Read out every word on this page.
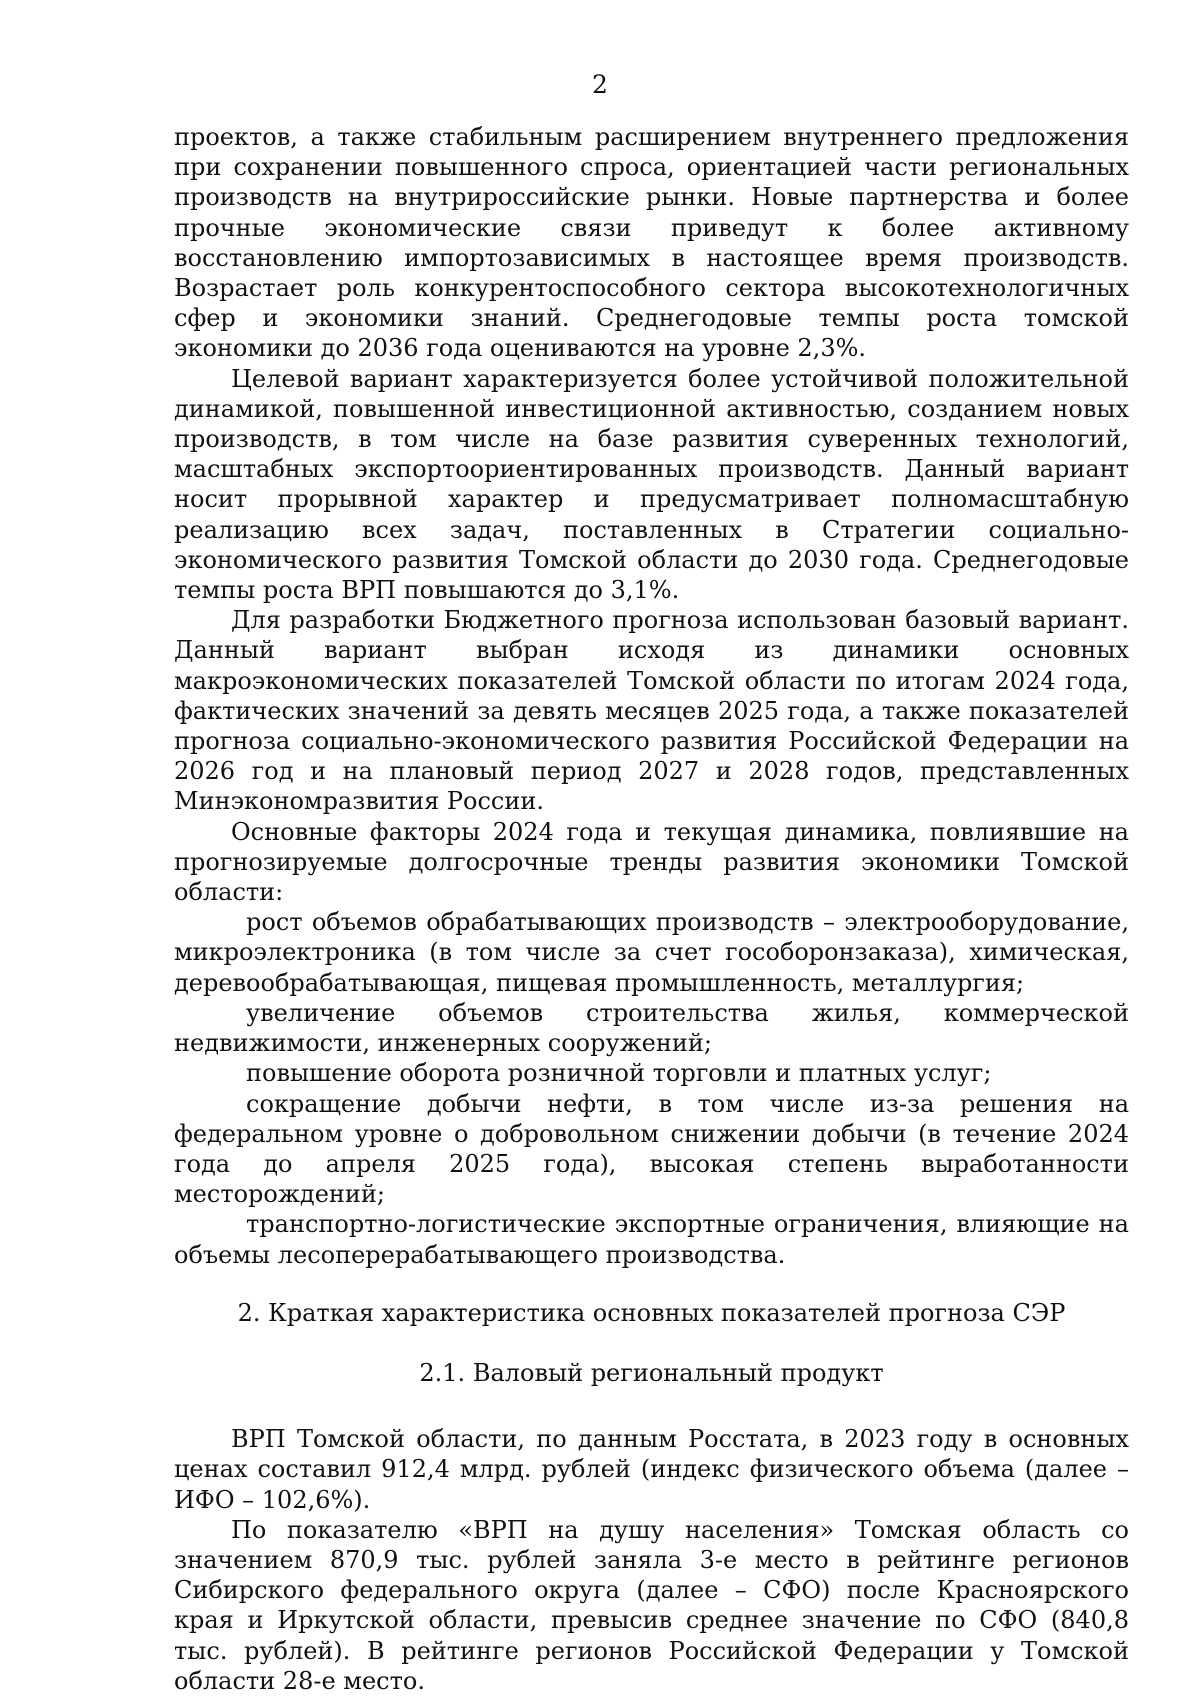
2

проектов, а также стабильным расширением внутреннего предложения при сохранении повышенного спроса, ориентацией части региональных производств на внутрироссийские рынки. Новые партнерства и более прочные экономические связи приведут к более активному восстановлению импортозависимых в настоящее время производств. Возрастает роль конкурентоспособного сектора высокотехнологичных сфер и экономики знаний. Среднегодовые темпы роста томской экономики до 2036 года оцениваются на уровне 2,3%.

Целевой вариант характеризуется более устойчивой положительной динамикой, повышенной инвестиционной активностью, созданием новых производств, в том числе на базе развития суверенных технологий, масштабных экспортоориентированных производств. Данный вариант носит прорывной характер и предусматривает полномасштабную реализацию всех задач, поставленных в Стратегии социально-экономического развития Томской области до 2030 года. Среднегодовые темпы роста ВРП повышаются до 3,1%.

Для разработки Бюджетного прогноза использован базовый вариант. Данный вариант выбран исходя из динамики основных макроэкономических показателей Томской области по итогам 2024 года, фактических значений за девять месяцев 2025 года, а также показателей прогноза социально-экономического развития Российской Федерации на 2026 год и на плановый период 2027 и 2028 годов, представленных Минэкономразвития России.

Основные факторы 2024 года и текущая динамика, повлиявшие на прогнозируемые долгосрочные тренды развития экономики Томской области:

рост объемов обрабатывающих производств – электрооборудование, микроэлектроника (в том числе за счет гособоронзаказа), химическая, деревообрабатывающая, пищевая промышленность, металлургия;

увеличение объемов строительства жилья, коммерческой недвижимости, инженерных сооружений;

повышение оборота розничной торговли и платных услуг;

сокращение добычи нефти, в том числе из-за решения на федеральном уровне о добровольном снижении добычи (в течение 2024 года до апреля 2025 года), высокая степень выработанности месторождений;

транспортно-логистические экспортные ограничения, влияющие на объемы лесоперерабатывающего производства.

2. Краткая характеристика основных показателей прогноза СЭР

2.1. Валовый региональный продукт

ВРП Томской области, по данным Росстата, в 2023 году в основных ценах составил 912,4 млрд. рублей (индекс физического объема (далее – ИФО – 102,6%).

По показателю «ВРП на душу населения» Томская область со значением 870,9 тыс. рублей заняла 3-е место в рейтинге регионов Сибирского федерального округа (далее – СФО) после Красноярского края и Иркутской области, превысив среднее значение по СФО (840,8 тыс. рублей). В рейтинге регионов Российской Федерации у Томской области 28-е место.
